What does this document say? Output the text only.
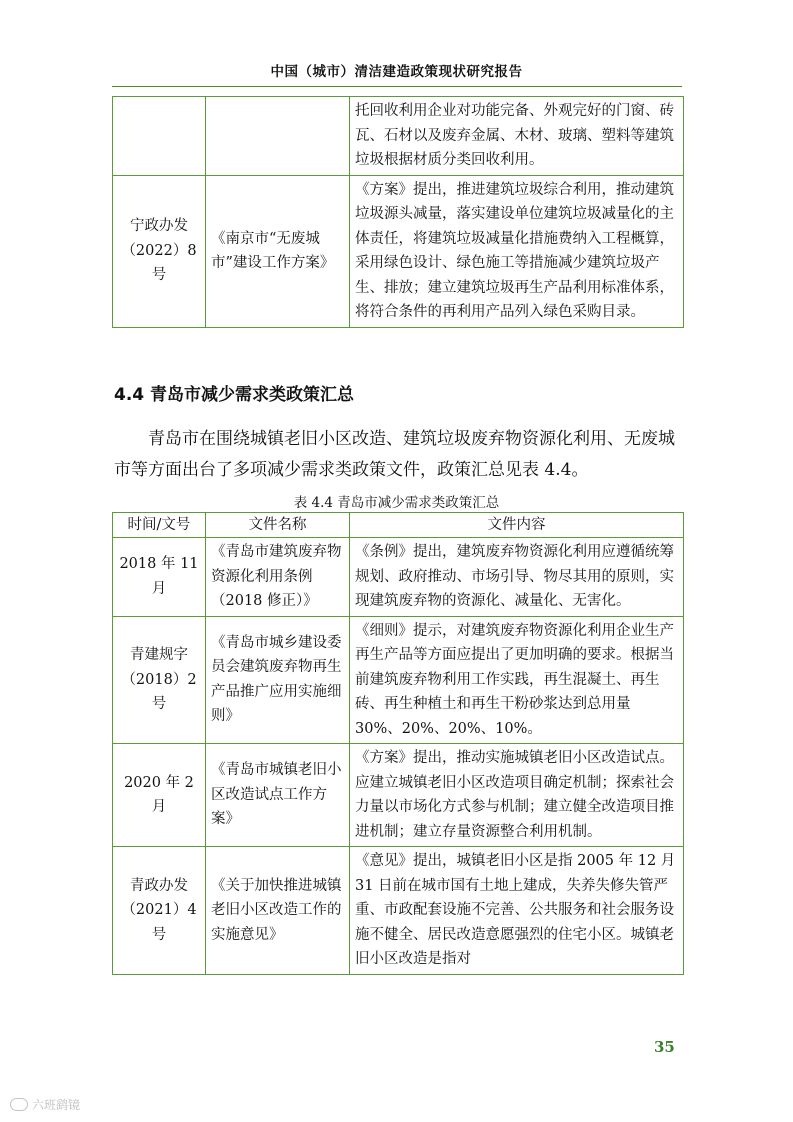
中国（城市）清洁建造政策现状研究报告
		托回收利用企业对功能完备、外观完好的门窗、砖瓦、石材以及废弃金属、木材、玻璃、塑料等建筑垃圾根据材质分类回收利用。
宁政办发（2022）8号	《南京市“无废城市”建设工作方案》	《方案》提出，推进建筑垃圾综合利用，推动建筑垃圾源头减量，落实建设单位建筑垃圾减量化的主体责任，将建筑垃圾减量化措施费纳入工程概算，采用绿色设计、绿色施工等措施减少建筑垃圾产生、排放；建立建筑垃圾再生产品利用标准体系，将符合条件的再利用产品列入绿色采购目录。
4.4 青岛市减少需求类政策汇总
青岛市在围绕城镇老旧小区改造、建筑垃圾废弃物资源化利用、无废城市等方面出台了多项减少需求类政策文件，政策汇总见表 4.4。
表 4.4 青岛市减少需求类政策汇总
时间/文号	文件名称	文件内容
2018 年 11 月	《青岛市建筑废弃物资源化利用条例（2018 修正）》	《条例》提出，建筑废弃物资源化利用应遵循统筹规划、政府推动、市场引导、物尽其用的原则，实现建筑废弃物的资源化、减量化、无害化。
青建规字（2018）2号	《青岛市城乡建设委员会建筑废弃物再生产品推广应用实施细则》	《细则》提示，对建筑废弃物资源化利用企业生产再生产品等方面应提出了更加明确的要求。根据当前建筑废弃物利用工作实践，再生混凝土、再生砖、再生种植土和再生干粉砂浆达到总用量 30%、20%、20%、10%。
2020 年 2 月	《青岛市城镇老旧小区改造试点工作方案》	《方案》提出，推动实施城镇老旧小区改造试点。应建立城镇老旧小区改造项目确定机制；探索社会力量以市场化方式参与机制；建立健全改造项目推进机制；建立存量资源整合利用机制。
青政办发（2021）4号	《关于加快推进城镇老旧小区改造工作的实施意见》	《意见》提出，城镇老旧小区是指 2005 年 12 月 31 日前在城市国有土地上建成，失养失修失管严重、市政配套设施不完善、公共服务和社会服务设施不健全、居民改造意愿强烈的住宅小区。城镇老旧小区改造是指对
35
六班鹞镜
